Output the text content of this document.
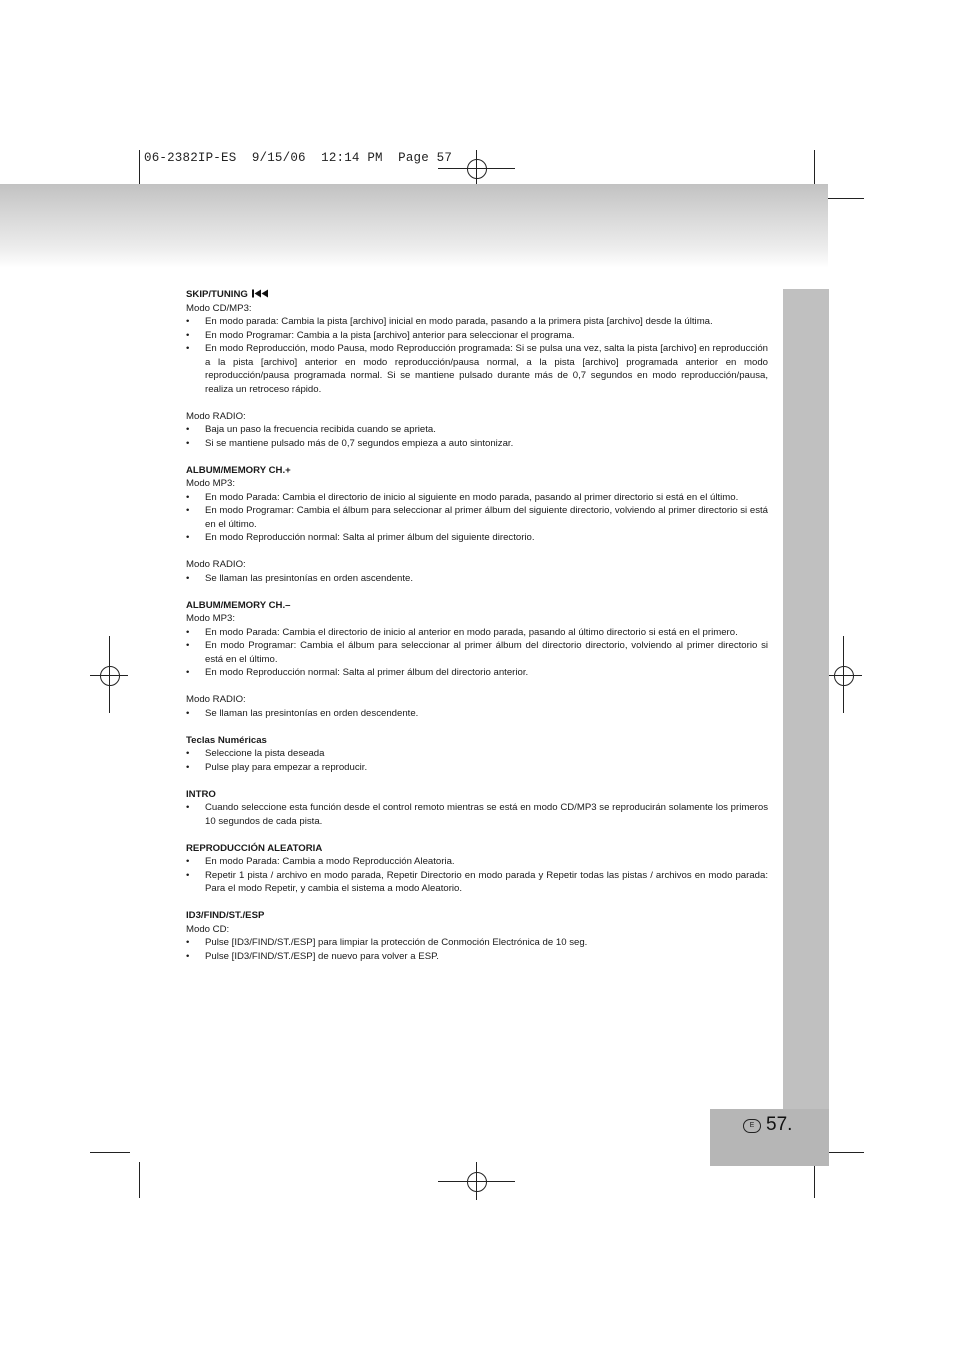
06-2382IP-ES  9/15/06  12:14 PM  Page 57
E 57.
SKIP/TUNING

Modo CD/MP3:

• En modo parada: Cambia la pista [archivo] inicial en modo parada, pasando a la primera pista [archivo] desde la última.
• En modo Programar: Cambia a la pista [archivo] anterior para seleccionar el programa.
• En modo Reproducción, modo Pausa, modo Reproducción programada: Si se pulsa una vez, salta la pista [archivo] en reproducción a la pista [archivo] anterior en modo reproducción/pausa normal, a la pista [archivo] programada anterior en modo reproducción/pausa programada normal. Si se mantiene pulsado durante más de 0,7 segundos en modo reproducción/pausa, realiza un retroceso rápido.

Modo RADIO:

• Baja un paso la frecuencia recibida cuando se aprieta.
• Si se mantiene pulsado más de 0,7 segundos empieza a auto sintonizar.
ALBUM/MEMORY CH.+

Modo MP3:

• En modo Parada: Cambia el directorio de inicio al siguiente en modo parada, pasando al primer directorio si está en el último.
• En modo Programar: Cambia el álbum para seleccionar al primer álbum del siguiente directorio, volviendo al primer directorio si está en el último.
• En modo Reproducción normal: Salta al primer álbum del siguiente directorio.

Modo RADIO:

• Se llaman las presintonías en orden ascendente.
ALBUM/MEMORY CH.–

Modo MP3:

• En modo Parada: Cambia el directorio de inicio al anterior en modo parada, pasando al último directorio si está en el primero.
• En modo Programar: Cambia el álbum para seleccionar al primer álbum del directorio directorio, volviendo al primer directorio si está en el último.
• En modo Reproducción normal: Salta al primer álbum del directorio anterior.

Modo RADIO:

• Se llaman las presintonías en orden descendente.
Teclas Numéricas
• Seleccione la pista deseada
• Pulse play para empezar a reproducir.
INTRO
• Cuando seleccione esta función desde el control remoto mientras se está en modo CD/MP3 se reproducirán solamente los primeros 10 segundos de cada pista.
REPRODUCCIÓN ALEATORIA
• En modo Parada: Cambia a modo Reproducción Aleatoria.
• Repetir 1 pista / archivo en modo parada, Repetir Directorio en modo parada y Repetir todas las pistas / archivos en modo parada: Para el modo Repetir, y cambia el sistema a modo Aleatorio.
ID3/FIND/ST./ESP

Modo CD:

• Pulse [ID3/FIND/ST./ESP] para limpiar la protección de Conmoción Electrónica de 10 seg.
• Pulse [ID3/FIND/ST./ESP] de nuevo para volver a ESP.
